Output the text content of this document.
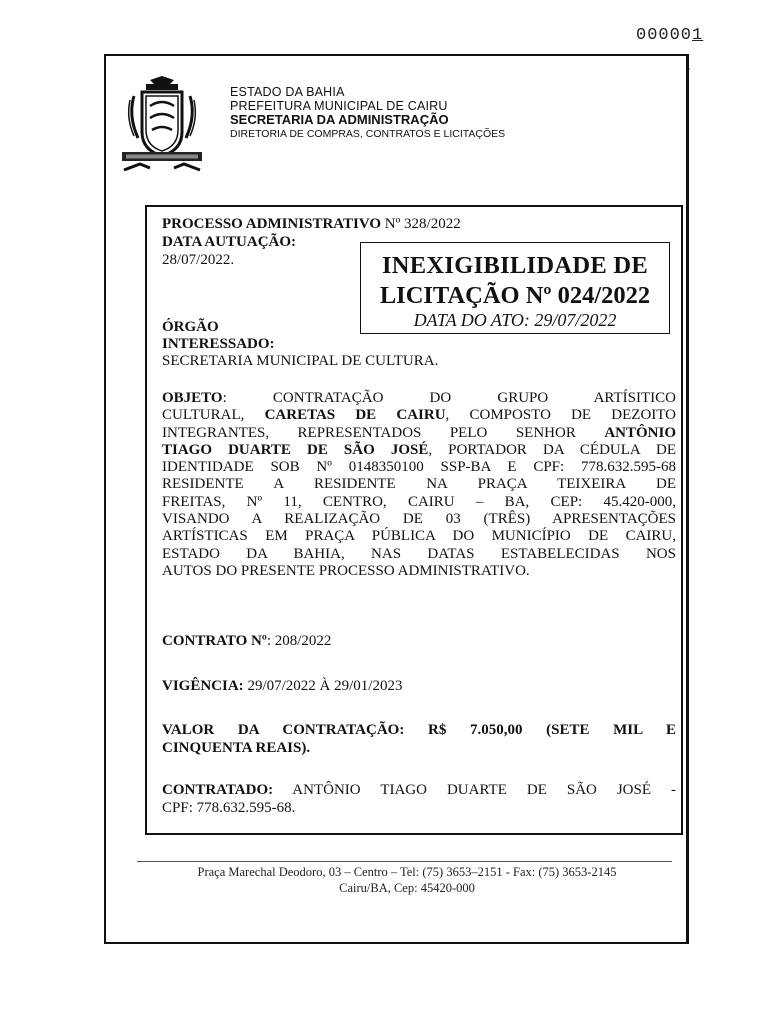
000001
·
ESTADO DA BAHIA
PREFEITURA MUNICIPAL DE CAIRU
SECRETARIA DA ADMINISTRAÇÃO
DIRETORIA DE COMPRAS, CONTRATOS E LICITAÇÕES
PROCESSO ADMINISTRATIVO Nº 328/2022
DATA AUTUAÇÃO:
28/07/2022.	INEXIGIBILIDADE DE
LICITAÇÃO Nº 024/2022
DATA DO ATO: 29/07/2022
ÓRGÃO
INTERESSADO:
SECRETARIA MUNICIPAL DE CULTURA.
OBJETO: CONTRATAÇÃO DO GRUPO ARTÍSITICO
CULTURAL, CARETAS DE CAIRU, COMPOSTO DE DEZOITO
INTEGRANTES, REPRESENTADOS PELO SENHOR ANTÔNIO
TIAGO DUARTE DE SÃO JOSÉ, PORTADOR DA CÉDULA DE
IDENTIDADE SOB Nº 0148350100 SSP-BA E CPF: 778.632.595-68
RESIDENTE A RESIDENTE NA PRAÇA TEIXEIRA DE
FREITAS, Nº 11, CENTRO, CAIRU – BA, CEP: 45.420-000,
VISANDO A REALIZAÇÃO DE 03 (TRÊS) APRESENTAÇÕES
ARTÍSTICAS EM PRAÇA PÚBLICA DO MUNICÍPIO DE CAIRU,
ESTADO DA BAHIA, NAS DATAS ESTABELECIDAS NOS
AUTOS DO PRESENTE PROCESSO ADMINISTRATIVO.
CONTRATO Nº: 208/2022
VIGÊNCIA: 29/07/2022 À 29/01/2023
VALOR DA CONTRATAÇÃO: R$ 7.050,00 (SETE MIL E
CINQUENTA REAIS).
CONTRATADO: ANTÔNIO TIAGO DUARTE DE SÃO JOSÉ -
CPF: 778.632.595-68.
Praça Marechal Deodoro, 03 – Centro – Tel: (75) 3653–2151 - Fax: (75) 3653-2145
Cairu/BA, Cep: 45420-000
